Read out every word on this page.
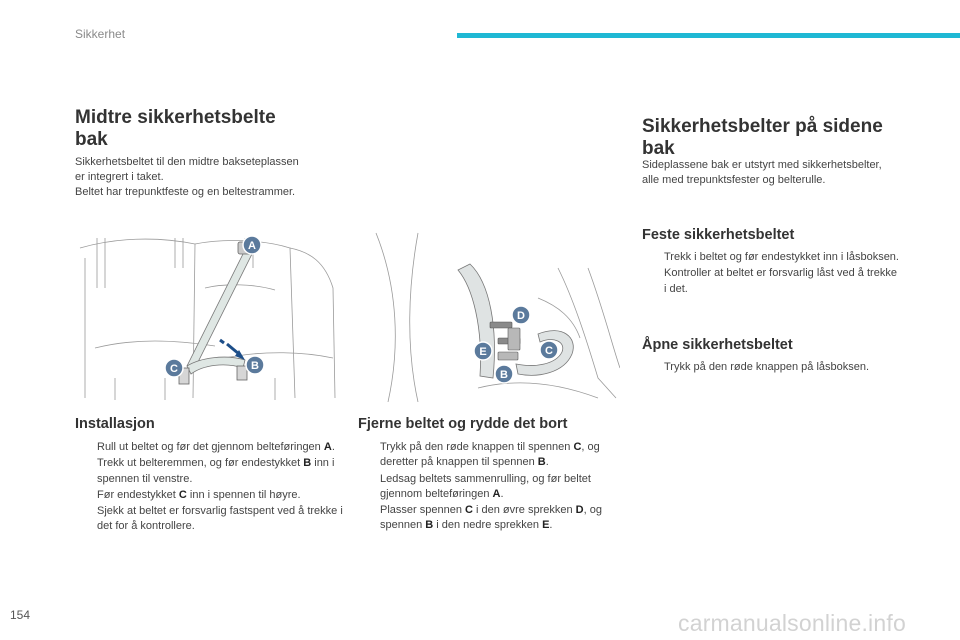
Sikkerhet
Midtre sikkerhetsbelte
bak

Sikkerhetsbeltet til den midtre bakseteplassen

er integrert i taket.

Beltet har trepunktfeste og en beltestrammer.

A
B
C
Installasjon
Rull ut beltet og før det gjennom beltеføringen A.
Trekk ut belteremmen, og før endestykket B inn i spennen til venstre.
Før endestykket C inn i spennen til høyre.
Sjekk at beltet er forsvarlig fastspent ved å trekke i det for å kontrollere.
D
E	C
B
Fjerne beltet og rydde det bort
Trykk på den røde knappen til spennen C, og deretter på knappen til spennen B.
Ledsag beltets sammenrulling, og før beltet gjennom beltеføringen A.
Plasser spennen C i den øvre sprekken D, og spennen B i den nedre sprekken E.
Sikkerhetsbelter på sidene
bak
Sideplassene bak er utstyrt med sikkerhetsbelter, alle med trepunktsfester og belterulle.
Feste sikkerhetsbeltet
Trekk i beltet og før endestykket inn i låsboksen.
Kontroller at beltet er forsvarlig låst ved å trekke i det.
Åpne sikkerhetsbeltet
Trykk på den røde knappen på låsboksen.
154	carmanualsonline.info
